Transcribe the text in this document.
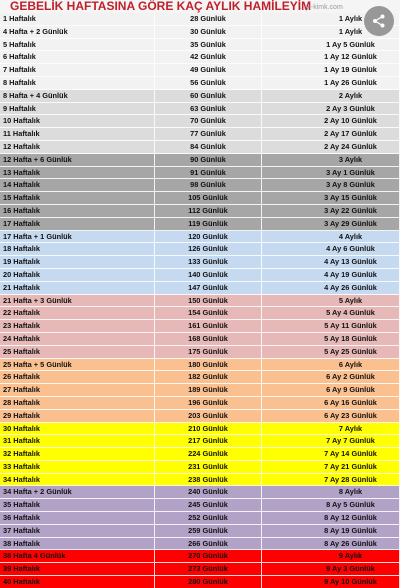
GEBELİK HAFTASINA GÖRE KAÇ AYLIK HAMİLEYİM
...yi-kimk.com
1 Haftalık	28 Günlük	1 Aylık
4 Hafta + 2 Günlük	30 Günlük	1 Aylık
5 Haftalık	35 Günlük	1 Ay 5 Günlük
6 Haftalık	42 Günlük	1 Ay 12 Günlük
7 Haftalık	49 Günlük	1 Ay 19 Günlük
8 Haftalık	56 Günlük	1 Ay 26 Günlük
8 Hafta + 4 Günlük	60 Günlük	2 Aylık
9 Haftalık	63 Günlük	2 Ay 3 Günlük
10 Haftalık	70 Günlük	2 Ay 10 Günlük
11 Haftalık	77 Günlük	2 Ay 17 Günlük
12 Haftalık	84 Günlük	2 Ay 24 Günlük
12 Hafta + 6 Günlük	90 Günlük	3 Aylık
13 Haftalık	91 Günlük	3 Ay 1 Günlük
14 Haftalık	98 Günlük	3 Ay 8 Günlük
15 Haftalık	105 Günlük	3 Ay 15 Günlük
16 Haftalık	112 Günlük	3 Ay 22 Günlük
17 Haftalık	119 Günlük	3 Ay 29 Günlük
17 Hafta + 1 Günlük	120 Günlük	4 Aylık
18 Haftalık	126 Günlük	4 Ay 6 Günlük
19 Haftalık	133 Günlük	4 Ay 13 Günlük
20 Haftalık	140 Günlük	4 Ay 19 Günlük
21 Haftalık	147 Günlük	4 Ay 26 Günlük
21 Hafta + 3 Günlük	150 Günlük	5 Aylık
22 Haftalık	154 Günlük	5 Ay 4 Günlük
23 Haftalık	161 Günlük	5 Ay 11 Günlük
24 Haftalık	168 Günlük	5 Ay 18 Günlük
25 Haftalık	175 Günlük	5 Ay 25 Günlük
25 Hafta + 5 Günlük	180 Günlük	6 Aylık
26 Haftalık	182 Günlük	6 Ay 2 Günlük
27 Haftalık	189 Günlük	6 Ay 9 Günlük
28 Haftalık	196 Günlük	6 Ay 16 Günlük
29 Haftalık	203 Günlük	6 Ay 23 Günlük
30 Haftalık	210 Günlük	7 Aylık
31 Haftalık	217 Günlük	7 Ay 7 Günlük
32 Haftalık	224 Günlük	7 Ay 14 Günlük
33 Haftalık	231 Günlük	7 Ay 21 Günlük
34 Haftalık	238 Günlük	7 Ay 28 Günlük
34 Hafta + 2 Günlük	240 Günlük	8 Aylık
35 Haftalık	245 Günlük	8 Ay 5 Günlük
36 Haftalık	252 Günlük	8 Ay 12 Günlük
37 Haftalık	259 Günlük	8 Ay 19 Günlük
38 Haftalık	266 Günlük	8 Ay 26 Günlük
38 Hafta 4 Günlük	270 Günlük	9 Aylık
39 Haftalık	273 Günlük	9 Ay 3 Günlük
40 Haftalık	280 Günlük	9 Ay 10 Günlük
